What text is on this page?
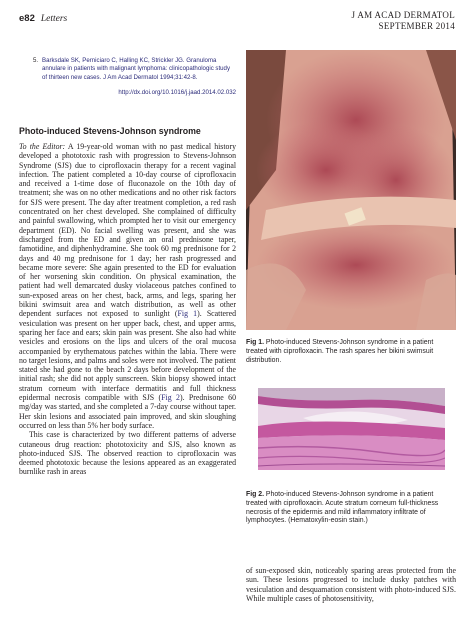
e82 Letters	J AM ACAD DERMATOL
SEPTEMBER 2014
5. Barksdale SK, Perniciaro C, Halling KC, Strickler JG. Granuloma annulare in patients with malignant lymphoma: clinicopathologic study of thirteen new cases. J Am Acad Dermatol 1994;31:42-8.
http://dx.doi.org/10.1016/j.jaad.2014.02.032
Photo-induced Stevens-Johnson syndrome

To the Editor: A 19-year-old woman with no past medical history developed a phototoxic rash with progression to Stevens-Johnson Syndrome (SJS) due to ciprofloxacin therapy for a recent vaginal infection. The patient completed a 10-day course of ciprofloxacin and received a 1-time dose of fluconazole on the 10th day of treatment; she was on no other medications and no other risk factors for SJS were present. The day after treatment completion, a red rash concentrated on her chest developed. She complained of difficulty and painful swallowing, which prompted her to visit our emergency department (ED). No facial swelling was present, and she was discharged from the ED and given an oral prednisone taper, famotidine, and diphenhydramine. She took 60 mg prednisone for 2 days and 40 mg prednisone for 1 day; her rash progressed and became more severe: She again presented to the ED for evaluation of her worsening skin condition. On physical examination, the patient had well demarcated dusky violaceous patches confined to sun-exposed areas on her chest, back, arms, and legs, sparing her bikini swimsuit area and watch distribution, as well as other dependent surfaces not exposed to sunlight (Fig 1). Scattered vesiculation was present on her upper back, chest, and upper arms, sparing her face and ears; skin pain was present. She also had white vesicles and erosions on the lips and ulcers of the oral mucosa accompanied by erythematous patches within the labia. There were no target lesions, and palms and soles were not involved. The patient stated she had gone to the beach 2 days before development of the initial rash; she did not apply sunscreen. Skin biopsy showed intact stratum corneum with interface dermatitis and full thickness epidermal necrosis compatible with SJS (Fig 2). Prednisone 60 mg/day was started, and she completed a 7-day course without taper. Her skin lesions and associated pain improved, and skin sloughing occurred on less than 5% her body surface.

This case is characterized by two different patterns of adverse cutaneous drug reaction: phototoxicity and SJS, also known as photo-induced SJS. The observed reaction to ciprofloxacin was deemed phototoxic because the lesions appeared as an exaggerated burnlike rash in areas

Fig 1. Photo-induced Stevens-Johnson syndrome in a patient treated with ciprofloxacin. The rash spares her bikini swimsuit distribution.
Fig 2. Photo-induced Stevens-Johnson syndrome in a patient treated with ciprofloxacin. Acute stratum corneum full-thickness necrosis of the epidermis and mild inflammatory infiltrate of lymphocytes. (Hematoxylin-eosin stain.)

of sun-exposed skin, noticeably sparing areas protected from the sun. These lesions progressed to include dusky patches with vesiculation and desquamation consistent with photo-induced SJS. While multiple cases of photosensitivity,
